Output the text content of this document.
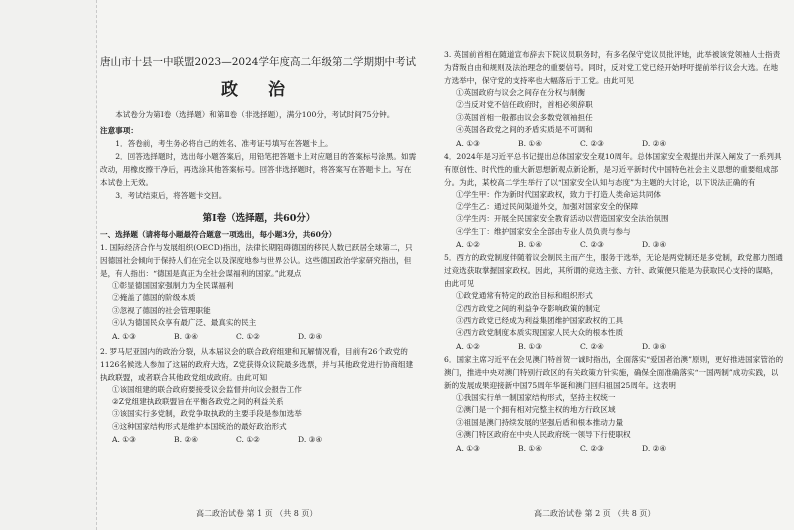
唐山市十县一中联盟2023—2024学年度高二年级第二学期期中考试
政 治

本试卷分为第Ⅰ卷（选择题）和第Ⅱ卷（非选择题），满分100分，考试时间75分钟。

注意事项：

1．答卷前，考生务必将自己的姓名、准考证号填写在答题卡上。

2．回答选择题时，选出每小题答案后，用铅笔把答题卡上对应题目的答案标号涂黑。如需改动，用橡皮擦干净后，再选涂其他答案标号。回答非选择题时，将答案写在答题卡上。写在本试卷上无效。

3．考试结束后，将答题卡交回。

第Ⅰ卷（选择题，共60分）

一、选择题（请将每小题最符合题意一项选出，每小题3分，共60分）

1. 国际经济合作与发展组织(OECD)指出，法律长期阻碍德国的移民人数已跃居全球第二，只因德国社会倾向于保持人们在完全以及深度地参与世界公认。这些德国政治学家研究指出，但是，有人指出：“德国是真正为全社会谋福利的国家。”此观点

①彰显德国国家强制力为全民谋福利
②掩盖了德国的阶级本质
③忽视了德国的社会管理职能
④认为德国民众享有最广泛、最真实的民主
A. ①③	B. ③④	C. ①②	D. ②④

2. 罗马尼亚国内的政治分裂，从本届议会的联合政府组建和瓦解情况看，目前有26个政党的1126名候选人参加了这届的政府大选，Z党获得众议院最多选票，并与其他政党进行协商组建执政联盟，或者联合其他政党组成政府。由此可知

①该国组建的联合政府要接受议会监督并向议会报告工作
②Z党组建执政联盟旨在平衡各政党之间的利益关系
③该国实行多党制，政党争取执政的主要手段是参加选举
④这种国家结构形式是维护本国统治的最好政治形式
A. ①③	B. ②④	C. ①②	D. ③④

3. 英国前首相在随道宣布辞去下院议员职务时，有多名保守党议员批评她，此举被该党领袖人士指责为背叛自由和规则及法治理念的重要信号。同时，反对党工党已经开始呼吁提前举行议会大选。在地方选举中，保守党的支持率也大幅落后于工党。由此可见

①英国政府与议会之间存在分权与制衡
②当反对党不信任政府时，首相必须辞职
③英国首相一般都由议会多数党领袖担任
④英国各政党之间的矛盾实质是不可调和
A. ①③	B. ①④	C. ②③	D. ②④

4．2024年是习近平总书记提出总体国家安全观10周年。总体国家安全观提出并深入阐发了一系列具有原创性、时代性的重大新思想新观点新论断，是习近平新时代中国特色社会主义思想的重要组成部分。为此，某校高二学生举行了以“国家安全认知与态度”为主题的大讨论，以下说法正确的有

①学生甲：作为新时代国家政权，致力于打造人类命运共同体
②学生乙：通过民间渠道外交，加强对国家安全的保障
③学生丙：开展全民国家安全教育活动以营造国家安全法治氛围
④学生丁：维护国家安全全部由专业人员负责与参与
A. ①②	B. ①④	C. ②③	D. ③④

5．西方的政党制度伴随着议会制民主而产生，服务于选举，无论是两党制还是多党制，政党都力图通过竞选获取掌握国家政权。因此，其所谓的竞选主张、方针、政策便只能是为获取民心支持的谋略，由此可见

①政党通常有特定的政治目标和组织形式
②西方政党之间的利益争夺影响政策的制定
③西方政党已经成为利益集团维护国家政权的工具
④西方政党制度本质实现国家人民大众的根本性质
A. ①②	B. ①③	C. ②④	D. ③④

6．国家主席习近平在会见澳门特首贺一诚时指出，全面落实“爱国者治澳”原则，更好推进国家管治的澳门，推进中央对澳门特别行政区的有关政策方针实施，确保全面准确落实“一国两制”成功实践，以新的发展成果迎接新中国75周年华诞和澳门回归祖国25周年。这表明

①我国实行单一制国家结构形式，坚持主权统一
②澳门是一个拥有相对完整主权的地方行政区域
③祖国是澳门持续发展的坚强后盾和根本推动力量
④澳门特区政府在中央人民政府统一领导下行使职权
A. ①③	B. ①④	C. ②③	D. ②④
高二政治试卷 第 1 页 （共 8 页）	高二政治试卷 第 2 页 （共 8 页）
